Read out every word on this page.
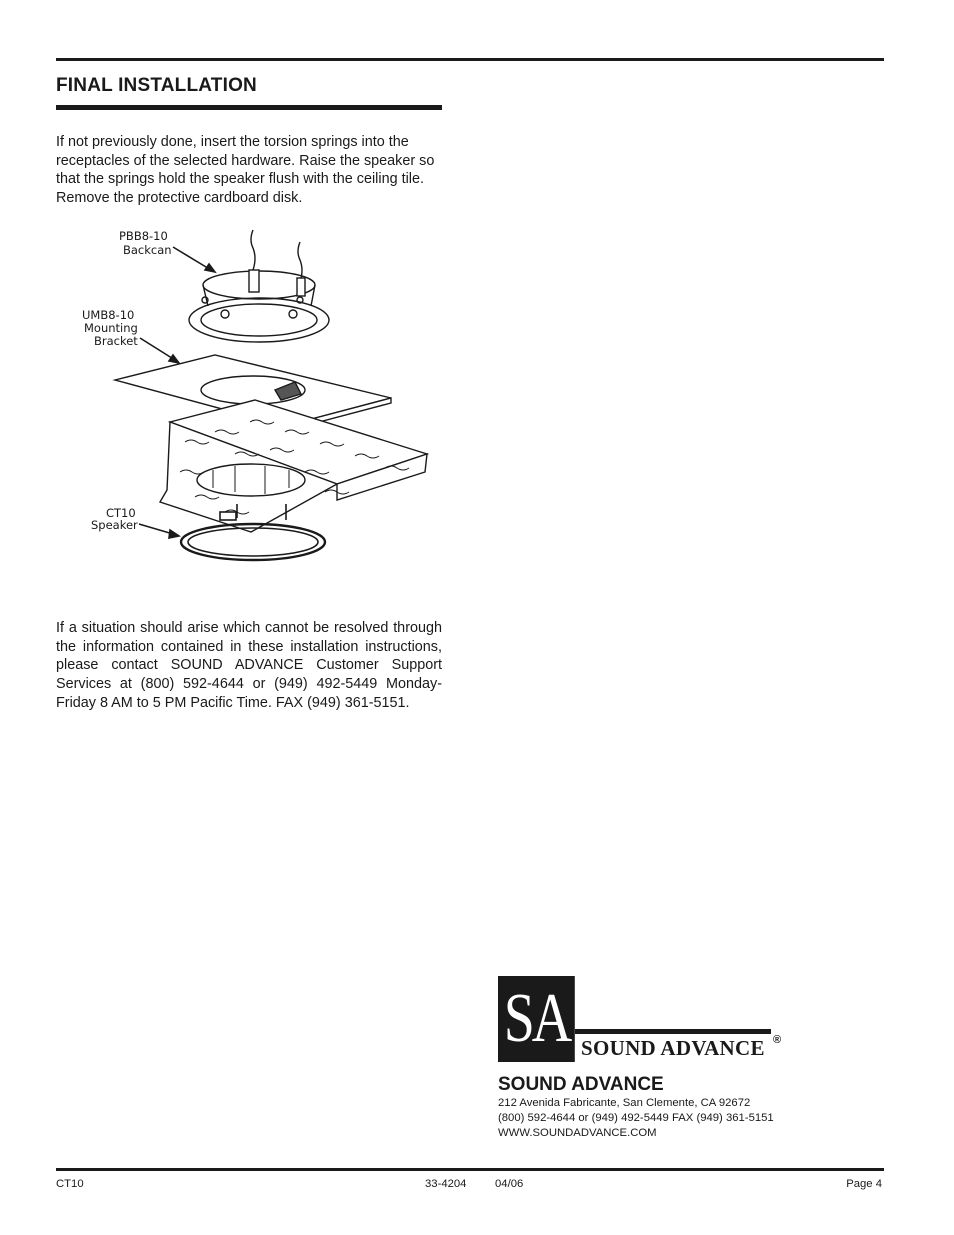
FINAL INSTALLATION

If not previously done, insert the torsion springs into the receptacles of the selected hardware. Raise the speaker so that the springs hold the speaker flush with the ceiling tile. Remove the protective cardboard disk.

PBB8-10
Backcan
UMB8-10
Mounting
Bracket
CT10
Speaker

If a situation should arise which cannot be resolved through the information contained in these installation instructions, please contact SOUND ADVANCE Customer Support Services at (800) 592-4644 or (949) 492-5449 Monday-Friday 8 AM to 5 PM Pacific Time. FAX (949) 361-5151.

SA SOUND ADVANCE ®
SOUND ADVANCE
212 Avenida Fabricante, San Clemente, CA 92672
(800) 592-4644 or (949) 492-5449 FAX (949) 361-5151
WWW.SOUNDADVANCE.COM
CT10	33-4204	04/06	Page 4
